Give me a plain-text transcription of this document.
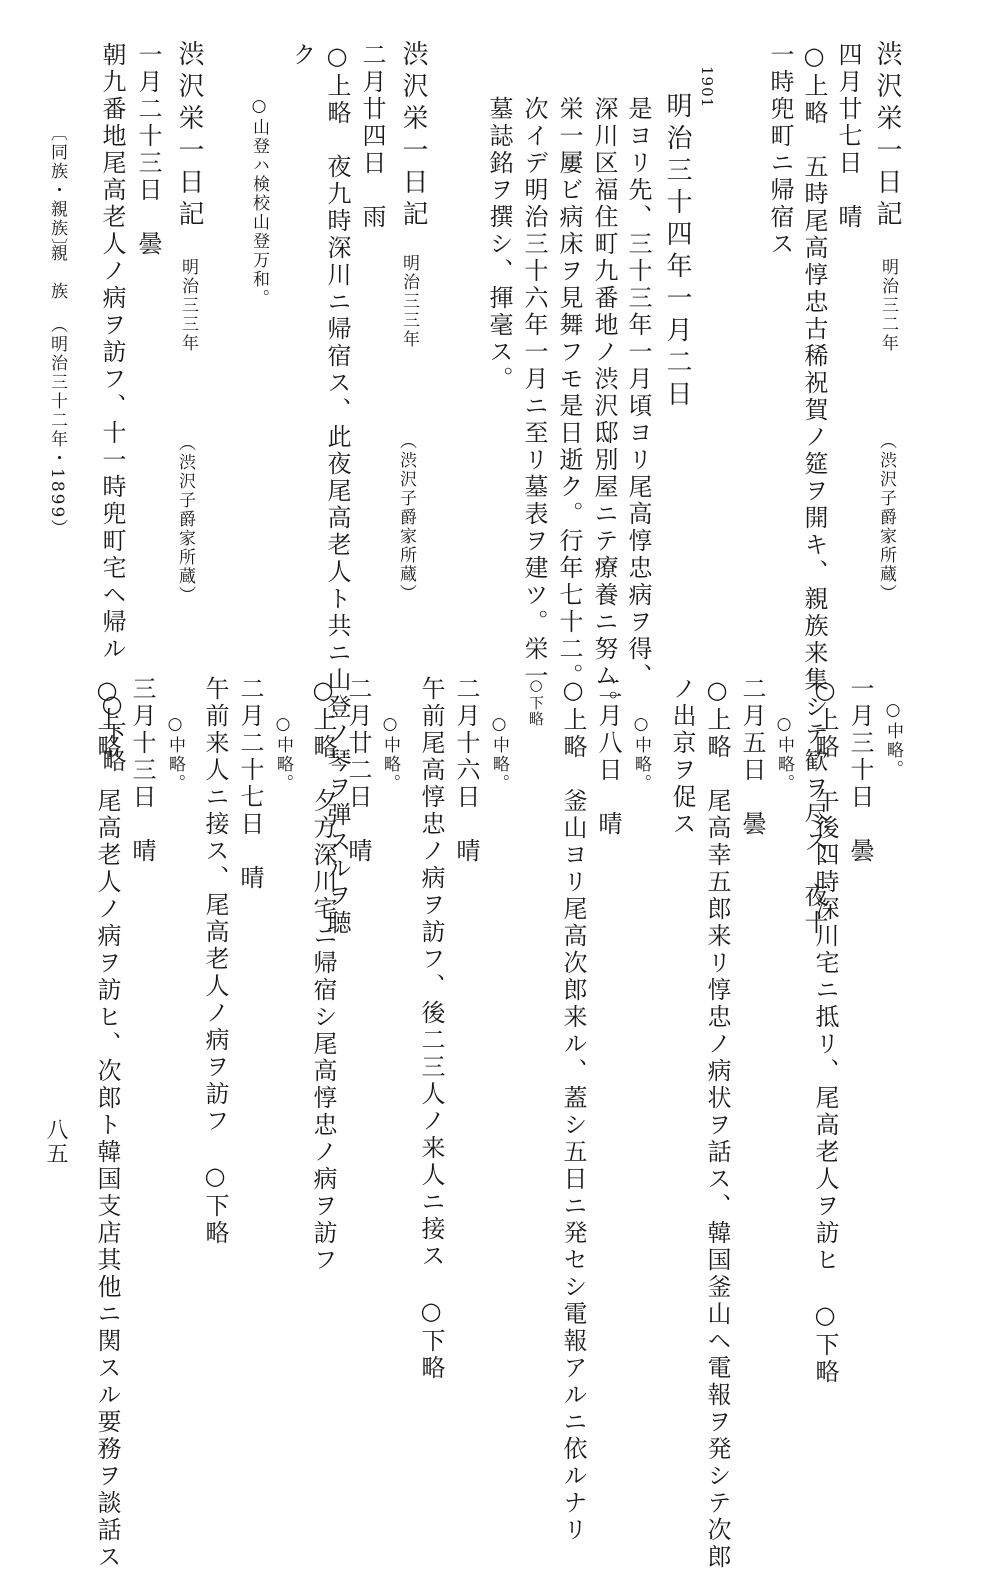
渋沢栄一日記
明治三二年
（渋沢子爵家所蔵）
四月廿七日　晴
○上略　五時尾高惇忠古稀祝賀ノ筵ヲ開キ、親族来集シテ歓ヲ尽ス、夜十
一時兜町ニ帰宿ス
1901
明治三十四年一月二日
是ヨリ先、三十三年一月頃ヨリ尾高惇忠病ヲ得、
深川区福住町九番地ノ渋沢邸別屋ニテ療養ニ努ム。
栄一屢ビ病床ヲ見舞フモ是日逝ク。行年七十二。
次イデ明治三十六年一月ニ至リ墓表ヲ建ツ。栄一
墓誌銘ヲ撰シ、揮毫ス。
渋沢栄一日記
明治三三年
（渋沢子爵家所蔵）
二月廿四日　雨
○上略　夜九時深川ニ帰宿ス、此夜尾高老人ト共ニ山登ノ琴ヲ弾スルヲ聴
ク
○山登ハ検校山登万和。
渋沢栄一日記
明治三三年
（渋沢子爵家所蔵）
一月二十三日　曇
朝九番地尾高老人ノ病ヲ訪フ、十一時兜町宅ヘ帰ル　○下略
〔同族・親族〕
親　族
（明治三十二年・1899）
○中略。
一月三十日　曇
○上略　午後四時深川宅ニ抵リ、尾高老人ヲ訪ヒ　○下略
○中略。
二月五日　曇
○上略　尾高幸五郎来リ惇忠ノ病状ヲ話ス、韓国釜山ヘ電報ヲ発シテ次郎
ノ出京ヲ促ス
○中略。
二月八日　晴
○上略　釜山ヨリ尾高次郎来ル、蓋シ五日ニ発セシ電報アルニ依ルナリ
○下略
○中略。
二月十六日　晴
午前尾高惇忠ノ病ヲ訪フ、後二三人ノ来人ニ接ス　○下略
○中略。
二月廿二日　晴
○上略　夕方深川宅ニ帰宿シ尾高惇忠ノ病ヲ訪フ
○中略。
二月二十七日　晴
午前来人ニ接ス、尾高老人ノ病ヲ訪フ　○下略
○中略。
三月十三日　晴
○上略　尾高老人ノ病ヲ訪ヒ、次郎ト韓国支店其他ニ関スル要務ヲ談話ス
八五
